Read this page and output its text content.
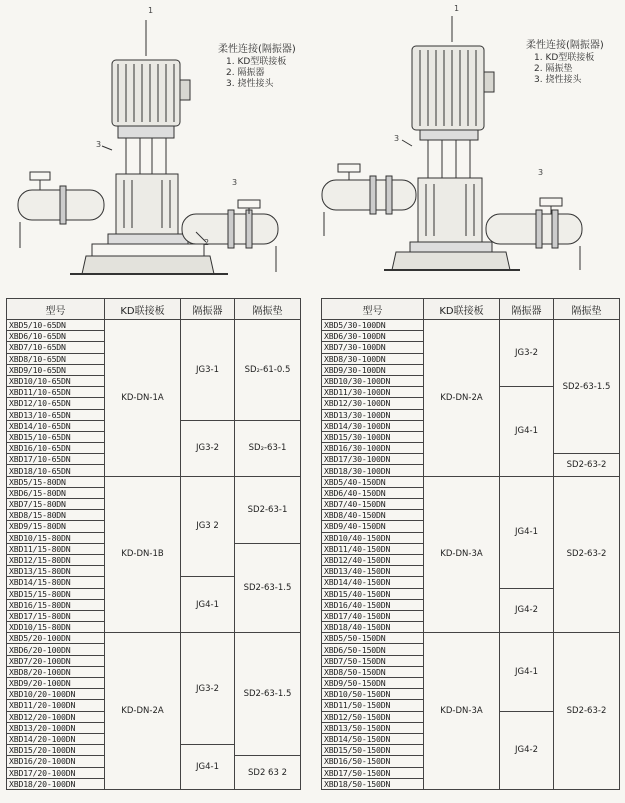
1
3
3
2
1
3
3
柔性连接(隔振器)
1. KD型联接板
2. 隔振器
3. 挠性接头
柔性连接(隔振器)
1. KD型联接板
2. 隔振垫
3. 挠性接头
型号	KD联接板	隔振器	隔振垫
XBD5/10-65DN	KD-DN-1A	JG3-1	SD₂-61-0.5
XBD6/10-65DN			
XBD7/10-65DN			
XBD8/10-65DN			
XBD9/10-65DN			
XBD10/10-65DN			
XBD11/10-65DN			
XBD12/10-65DN			
XBD13/10-65DN			
XBD14/10-65DN		JG3-2	SD₂-63-1
XBD15/10-65DN			
XBD16/10-65DN			
XBD17/10-65DN			
XBD18/10-65DN			
XBD5/15-80DN	KD-DN-1B	JG3 2	SD2-63-1
XBD6/15-80DN			
XBD7/15-80DN			
XBD8/15-80DN			
XBD9/15-80DN			
XBD10/15-80DN			
XBD11/15-80DN			SD2-63-1.5
XBD12/15-80DN			
XBD13/15-80DN			
XBD14/15-80DN		JG4-1	
XBD15/15-80DN			
XBD16/15-80DN			
XBD17/15-80DN			
XDD10/15-80DN			
XBD5/20-100DN	KD-DN-2A	JG3-2	SD2-63-1.5
XBD6/20-100DN			
XBD7/20-100DN			
XBD8/20-100DN			
XBD9/20-100DN			
XBD10/20-100DN			
XBD11/20-100DN			
XBD12/20-100DN			
XBD13/20-100DN			
XBD14/20-100DN			
XBD15/20-100DN		JG4-1	
XBD16/20-100DN			SD2 63 2
XBD17/20-100DN			
XBD18/20-100DN			
型号	KD联接板	隔振器	隔振垫
XBD5/30-100DN	KD-DN-2A	JG3-2	SD2-63-1.5
XBD6/30-100DN			
XBD7/30-100DN			
XBD8/30-100DN			
XBD9/30-100DN			
XBD10/30-100DN			
XBD11/30-100DN		JG4-1	
XBD12/30-100DN			
XBD13/30-100DN			
XBD14/30-100DN			
XBD15/30-100DN			
XBD16/30-100DN			
XBD17/30-100DN			SD2-63-2
XBD18/30-100DN			
XBD5/40-150DN	KD-DN-3A	JG4-1	SD2-63-2
XBD6/40-150DN			
XBD7/40-150DN			
XBD8/40-150DN			
XBD9/40-150DN			
XBD10/40-150DN			
XBD11/40-150DN			
XBD12/40-150DN			
XBD13/40-150DN			
XBD14/40-150DN			
XBD15/40-150DN		JG4-2	
XBD16/40-150DN			
XBD17/40-150DN			
XBD18/40-150DN			
XBD5/50-150DN	KD-DN-3A	JG4-1	SD2-63-2
XBD6/50-150DN			
XBD7/50-150DN			
XBD8/50-150DN			
XBD9/50-150DN			
XBD10/50-150DN			
XBD11/50-150DN			
XBD12/50-150DN		JG4-2	
XBD13/50-150DN			
XBD14/50-150DN			
XBD15/50-150DN			
XBD16/50-150DN			
XBD17/50-150DN			
XBD18/50-150DN			
